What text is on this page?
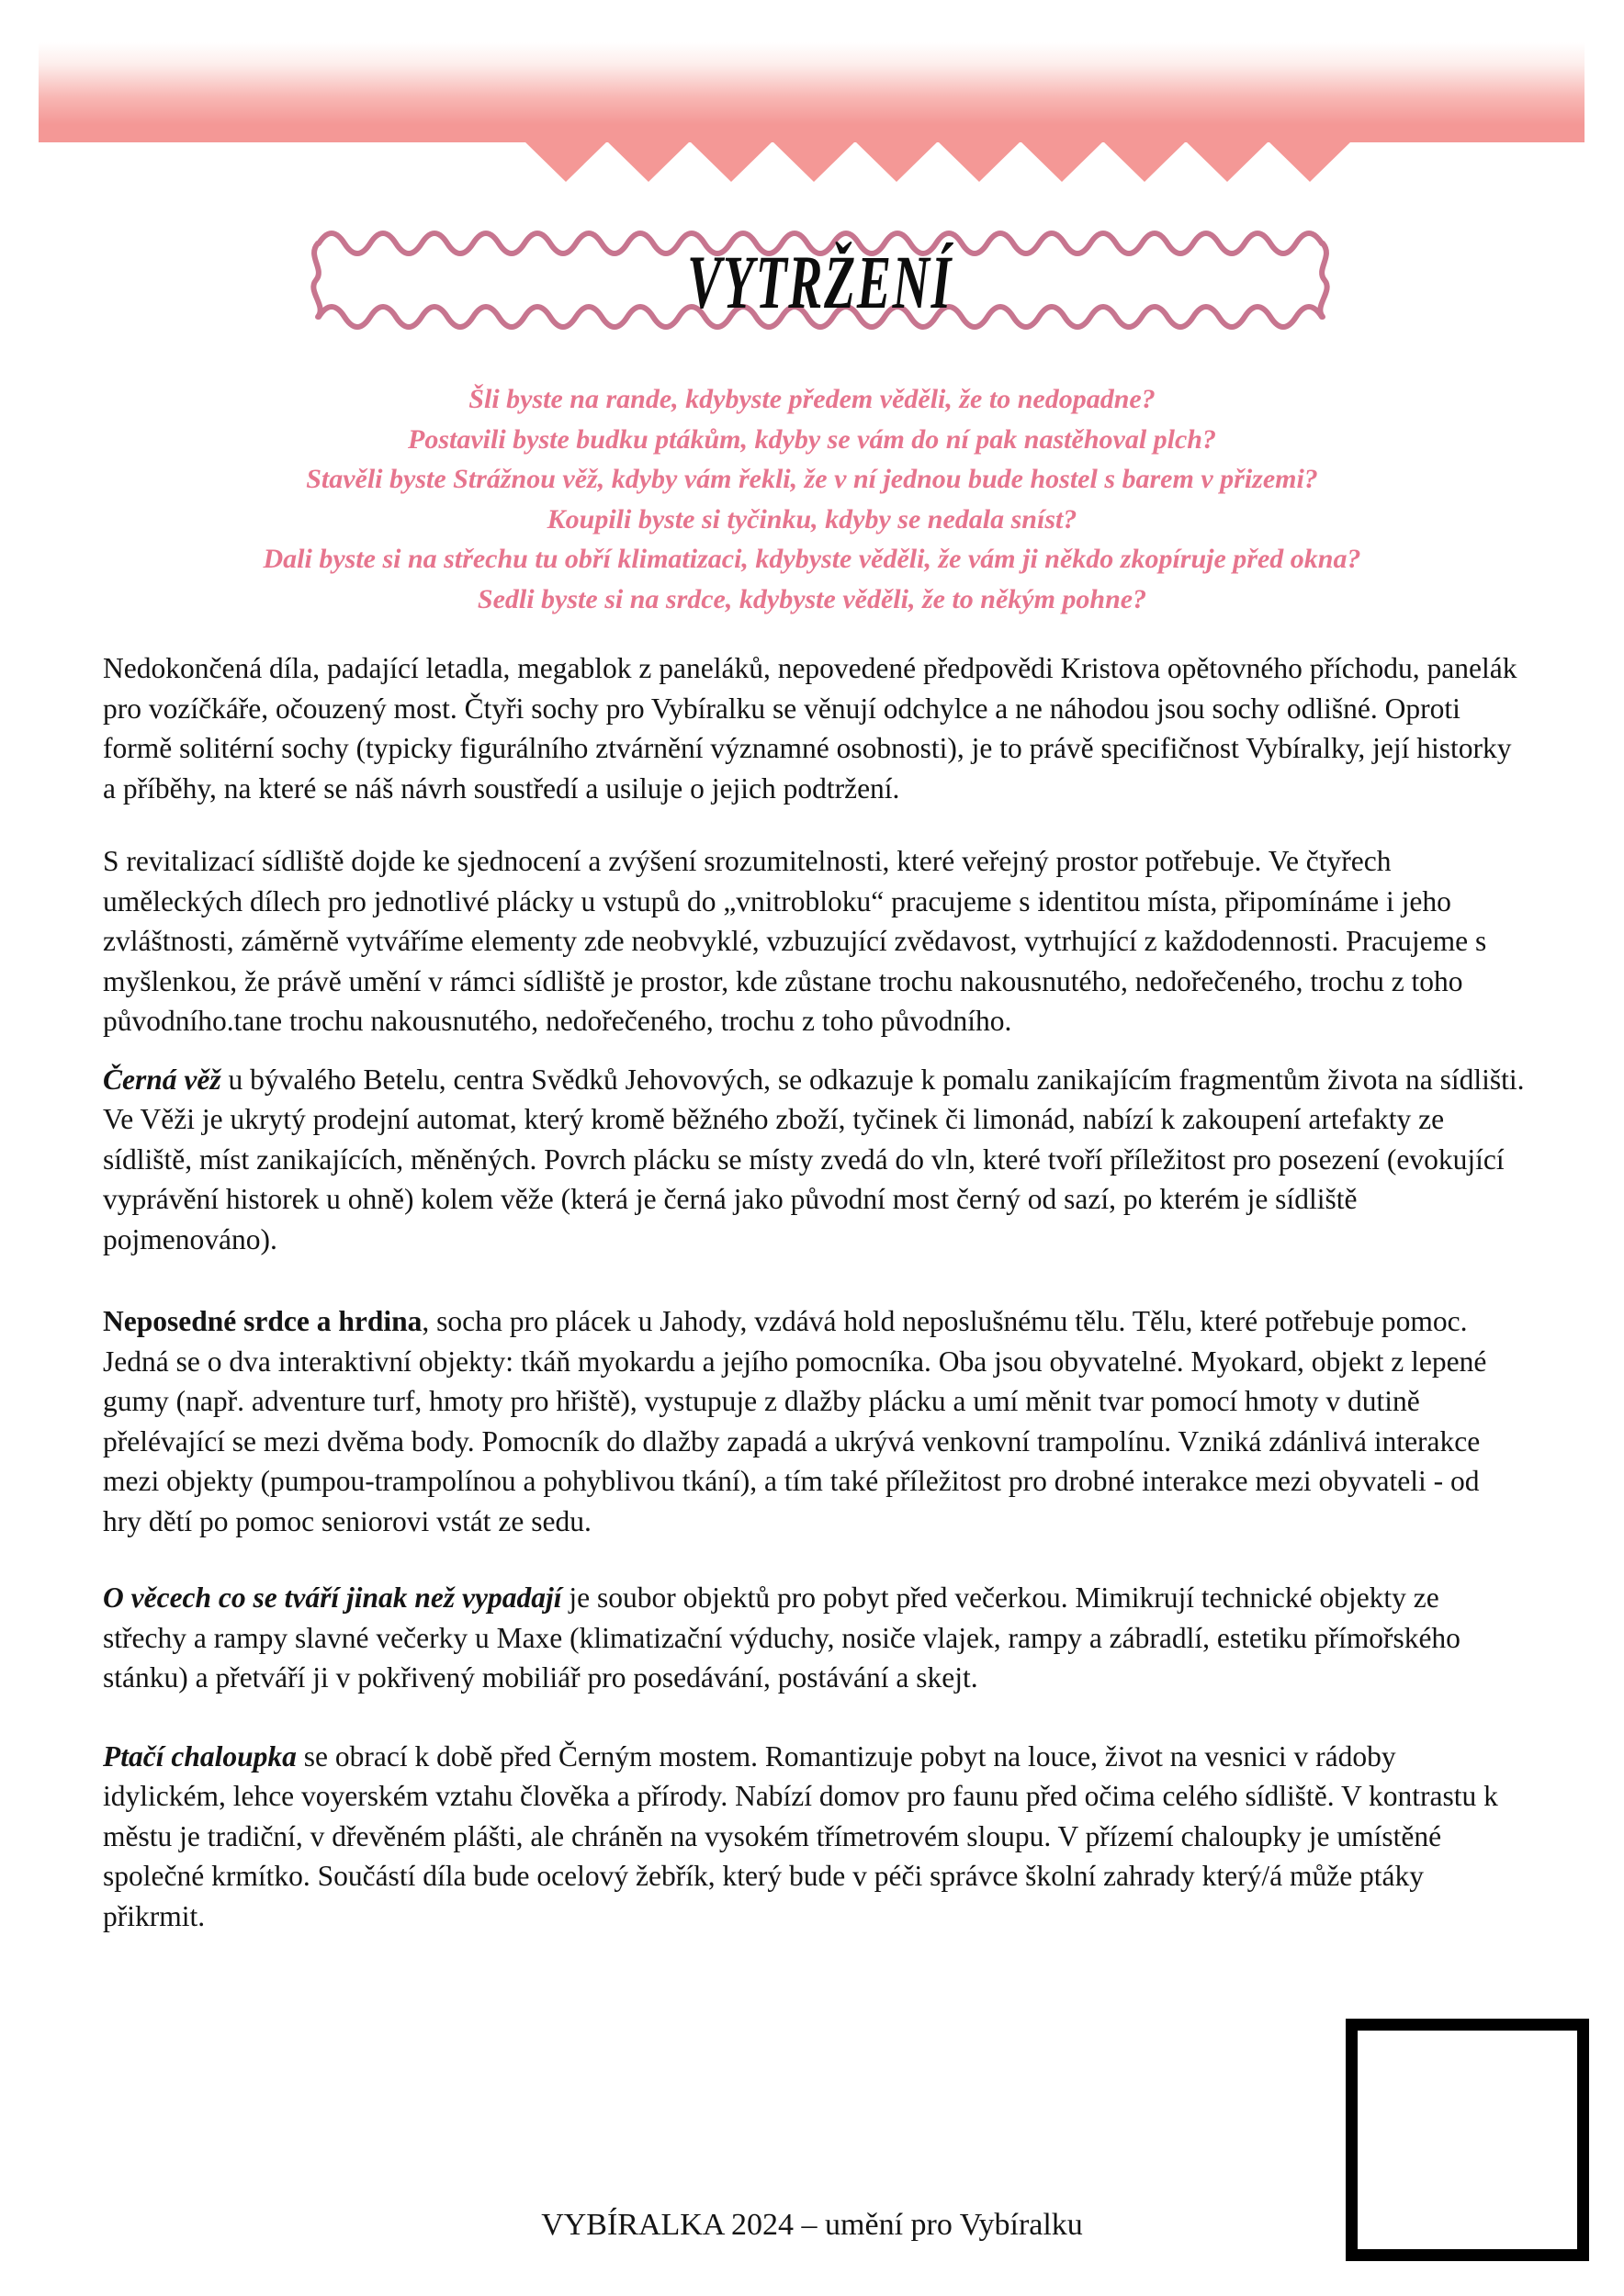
VYTRŽENÍ
Šli byste na rande, kdybyste předem věděli, že to nedopadne?
Postavili byste budku ptákům, kdyby se vám do ní pak nastěhoval plch?
Stavěli byste Strážnou věž, kdyby vám řekli, že v ní jednou bude hostel s barem v přizemi?
Koupili byste si tyčinku, kdyby se nedala sníst?
Dali byste si na střechu tu obří klimatizaci, kdybyste věděli, že vám ji někdo zkopíruje před okna?
Sedli byste si na srdce, kdybyste věděli, že to někým pohne?

Nedokončená díla, padající letadla, megablok z paneláků, nepovedené předpovědi Kristova opětovného příchodu, panelák pro vozíčkáře, očouzený most. Čtyři sochy pro Vybíralku se věnují odchylce a ne náhodou jsou sochy odlišné. Oproti formě solitérní sochy (typicky figurálního ztvárnění významné osobnosti), je to právě specifičnost Vybíralky, její historky a příběhy, na které se náš návrh soustředí a usiluje o jejich podtržení.

S revitalizací sídliště dojde ke sjednocení a zvýšení srozumitelnosti, které veřejný prostor potřebuje. Ve čtyřech uměleckých dílech pro jednotlivé plácky u vstupů do „vnitrobloku“ pracujeme s identitou místa, připomínáme i jeho zvláštnosti, záměrně vytváříme elementy zde neobvyklé, vzbuzující zvědavost, vytrhující z každodennosti. Pracujeme s myšlenkou, že právě umění v rámci sídliště je prostor, kde zůstane trochu nakousnutého, nedořečeného, trochu z toho původního.tane trochu nakousnutého, nedořečeného, trochu z toho původního.

Černá věž u bývalého Betelu, centra Svědků Jehovových, se odkazuje k pomalu zanikajícím fragmentům života na sídlišti. Ve Věži je ukrytý prodejní automat, který kromě běžného zboží, tyčinek či limonád, nabízí k zakoupení artefakty ze sídliště, míst zanikajících, měněných. Povrch plácku se místy zvedá do vln, které tvoří příležitost pro posezení (evokující vyprávění historek u ohně) kolem věže (která je černá jako původní most černý od sazí, po kterém je sídliště pojmenováno).

Neposedné srdce a hrdina, socha pro plácek u Jahody, vzdává hold neposlušnému tělu. Tělu, které potřebuje pomoc. Jedná se o dva interaktivní objekty: tkáň myokardu a jejího pomocníka. Oba jsou obyvatelné. Myokard, objekt z lepené gumy (např. adventure turf, hmoty pro hřiště), vystupuje z dlažby plácku a umí měnit tvar pomocí hmoty v dutině přelévající se mezi dvěma body. Pomocník do dlažby zapadá a ukrývá venkovní trampolínu. Vzniká zdánlivá interakce mezi objekty (pumpou-trampolínou a pohyblivou tkání), a tím také příležitost pro drobné interakce mezi obyvateli - od hry dětí po pomoc seniorovi vstát ze sedu.

O věcech co se tváří jinak než vypadají je soubor objektů pro pobyt před večerkou. Mimikrují technické objekty ze střechy a rampy slavné večerky u Maxe (klimatizační výduchy, nosiče vlajek, rampy a zábradlí, estetiku přímořského stánku) a přetváří ji v pokřivený mobiliář pro posedávání, postávání a skejt.

Ptačí chaloupka se obrací k době před Černým mostem. Romantizuje pobyt na louce, život na vesnici v rádoby idylickém, lehce voyerském vztahu člověka a přírody. Nabízí domov pro faunu před očima celého sídliště. V kontrastu k městu je tradiční, v dřevěném plášti, ale chráněn na vysokém třímetrovém sloupu. V přízemí chaloupky je umístěné společné krmítko. Součástí díla bude ocelový žebřík, který bude v péči správce školní zahrady který/á může ptáky přikrmit.

VYBÍRALKA 2024 – umění pro Vybíralku
